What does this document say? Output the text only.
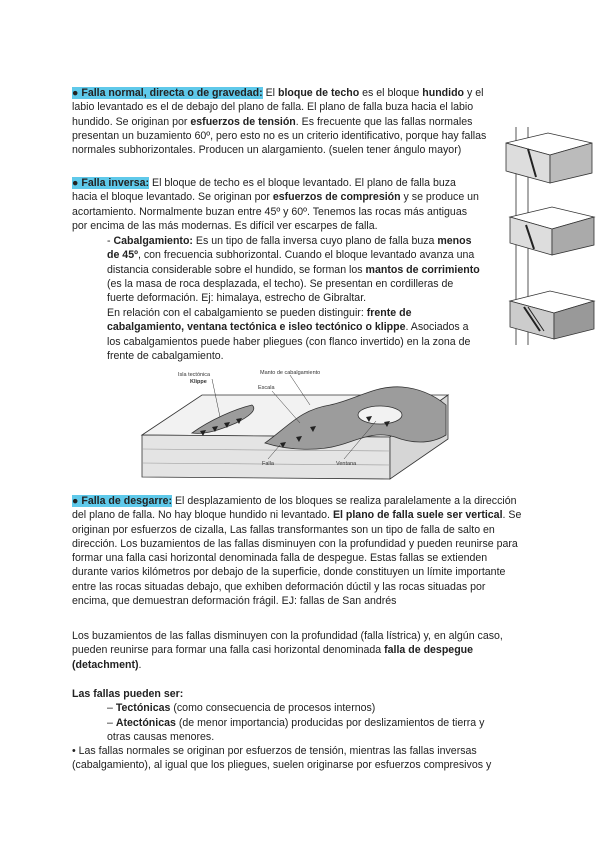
● Falla normal, directa o de gravedad: El bloque de techo es el bloque hundido y el labio levantado es el de debajo del plano de falla. El plano de falla buza hacia el labio hundido. Se originan por esfuerzos de tensión. Es frecuente que las fallas normales presentan un buzamiento 60º, pero esto no es un criterio identificativo, porque hay fallas normales subhorizontales. Producen un alargamiento. (suelen tener ángulo mayor)

● Falla inversa: El bloque de techo es el bloque levantado. El plano de falla buza hacia el bloque levantado. Se originan por esfuerzos de compresión y se produce un acortamiento. Normalmente buzan entre 45º y 60º. Tenemos las rocas más antiguas por encima de las más modernas. Es difícil ver escarpes de falla.

- Cabalgamiento: Es un tipo de falla inversa cuyo plano de falla buza menos de 45º, con frecuencia subhorizontal. Cuando el bloque levantado avanza una distancia considerable sobre el hundido, se forman los mantos de corrimiento (es la masa de roca desplazada, el techo). Se presentan en cordilleras de fuerte deformación. Ej: himalaya, estrecho de Gibraltar.

En relación con el cabalgamiento se pueden distinguir: frente de cabalgamiento, ventana tectónica e isleo tectónico o klippe. Asociados a los cabalgamientos puede haber pliegues (con flanco invertido) en la zona de frente de cabalgamiento.

Isla tectónica
Klippe
Manto de cabalgamiento
Escala
Falla	Ventana

● Falla de desgarre: El desplazamiento de los bloques se realiza paralelamente a la dirección del plano de falla. No hay bloque hundido ni levantado. El plano de falla suele ser vertical. Se originan por esfuerzos de cizalla, Las fallas transformantes son un tipo de falla de salto en dirección. Los buzamientos de las fallas disminuyen con la profundidad y pueden reunirse para formar una falla casi horizontal denominada falla de despegue. Estas fallas se extienden durante varios kilómetros por debajo de la superficie, donde constituyen un límite importante entre las rocas situadas debajo, que exhiben deformación dúctil y las rocas situadas por encima, que demuestran deformación frágil. EJ: fallas de San andrés

Los buzamientos de las fallas disminuyen con la profundidad (falla lístrica) y, en algún caso, pueden reunirse para formar una falla casi horizontal denominada falla de despegue (detachment).

Las fallas pueden ser:

– Tectónicas (como consecuencia de procesos internos)

– Atectónicas (de menor importancia) producidas por deslizamientos de tierra y otras causas menores.

• Las fallas normales se originan por esfuerzos de tensión, mientras las fallas inversas (cabalgamiento), al igual que los pliegues, suelen originarse por esfuerzos compresivos y
